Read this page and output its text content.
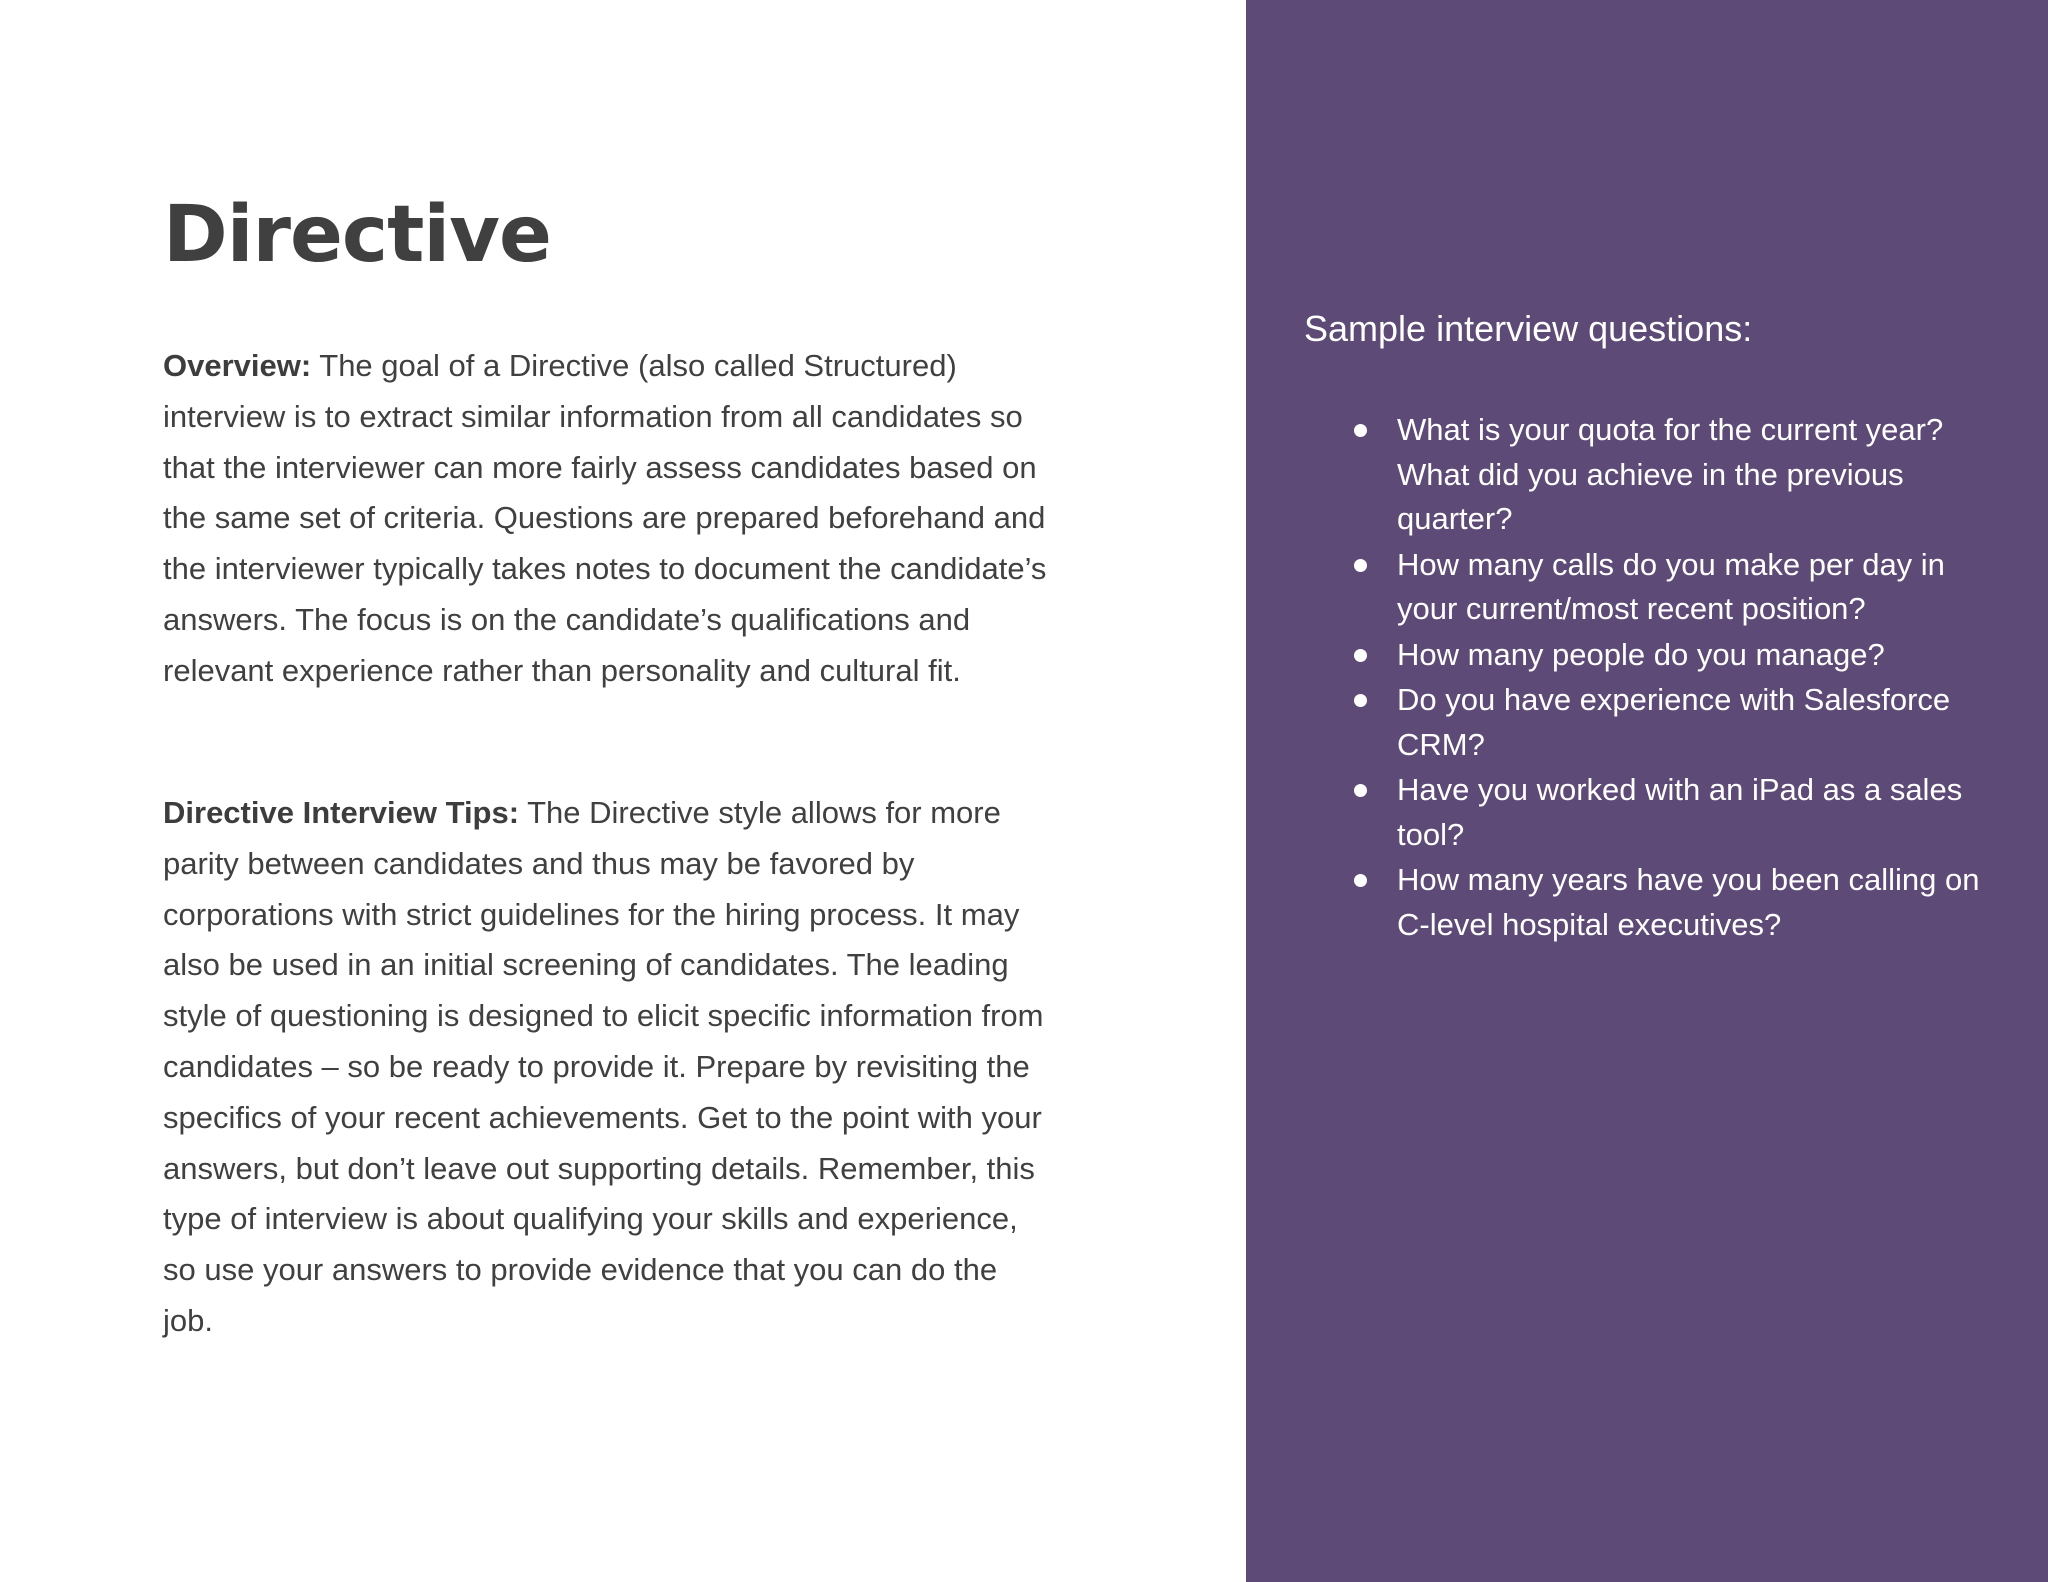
Directive

Overview: The goal of a Directive (also called Structured) interview is to extract similar information from all candidates so that the interviewer can more fairly assess candidates based on the same set of criteria. Questions are prepared beforehand and the interviewer typically takes notes to document the candidate’s answers. The focus is on the candidate’s qualifications and relevant experience rather than personality and cultural fit.

Directive Interview Tips: The Directive style allows for more parity between candidates and thus may be favored by corporations with strict guidelines for the hiring process. It may also be used in an initial screening of candidates. The leading style of questioning is designed to elicit specific information from candidates – so be ready to provide it. Prepare by revisiting the specifics of your recent achievements. Get to the point with your answers, but don’t leave out supporting details. Remember, this type of interview is about qualifying your skills and experience, so use your answers to provide evidence that you can do the job.

Sample interview questions:
What is your quota for the current year? What did you achieve in the previous quarter?
How many calls do you make per day in your current/most recent position?
How many people do you manage?
Do you have experience with Salesforce CRM?
Have you worked with an iPad as a sales tool?
How many years have you been calling on C-level hospital executives?
